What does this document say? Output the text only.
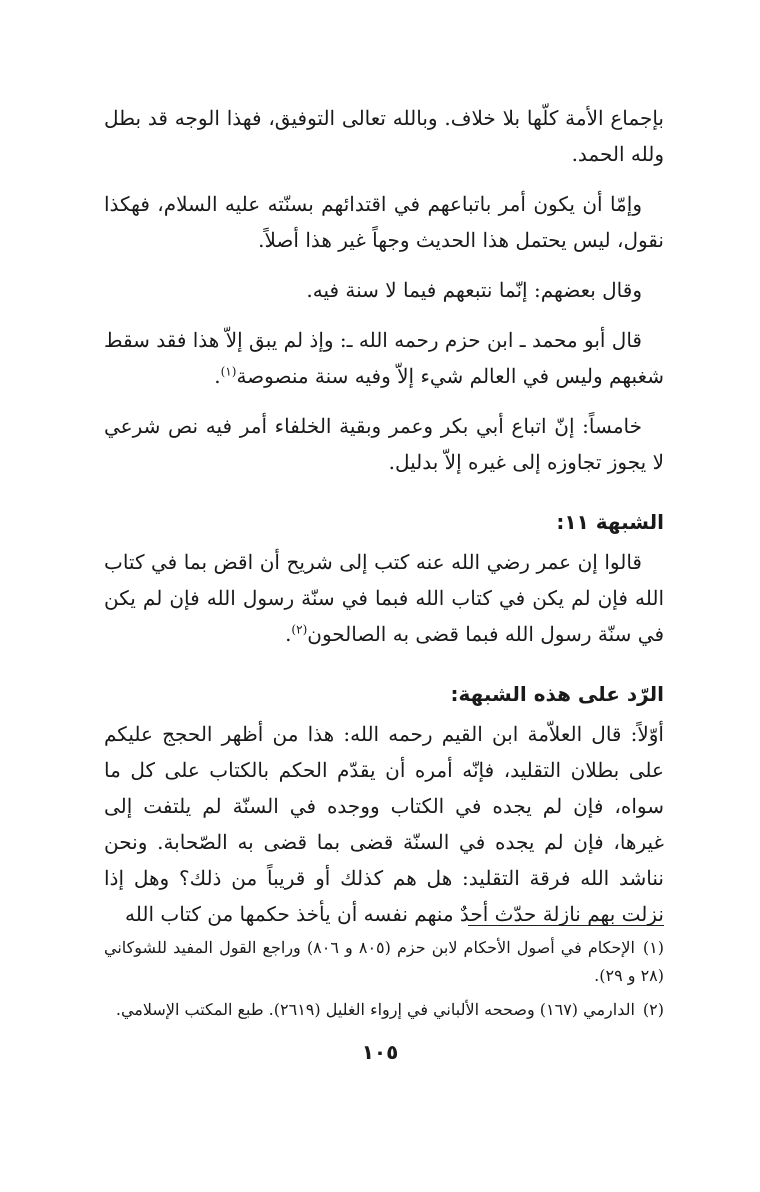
بإجماع الأمة كلّها بلا خلاف. وبالله تعالى التوفيق، فهذا الوجه قد بطل ولله الحمد.

وإمّا أن يكون أمر باتباعهم في اقتدائهم بسنّته عليه السلام، فهكذا نقول، ليس يحتمل هذا الحديث وجهاً غير هذا أصلاً.

وقال بعضهم: إنّما نتبعهم فيما لا سنة فيه.

قال أبو محمد ـ ابن حزم رحمه الله ـ: وإذ لم يبق إلاّ هذا فقد سقط شغبهم وليس في العالم شيء إلاّ وفيه سنة منصوصة$^{(١)}$.

خامساً: إنّ اتباع أبي بكر وعمر وبقية الخلفاء أمر فيه نص شرعي لا يجوز تجاوزه إلى غيره إلاّ بدليل.

الشبهة ١١:

قالوا إن عمر رضي الله عنه كتب إلى شريح أن اقض بما في كتاب الله فإن لم يكن في كتاب الله فبما في سنّة رسول الله فإن لم يكن في سنّة رسول الله فبما قضى به الصالحون$^{(٢)}$.

الرّد على هذه الشبهة:

أوّلاً: قال العلاّمة ابن القيم رحمه الله: هذا من أظهر الحجج عليكم على بطلان التقليد، فإنّه أمره أن يقدّم الحكم بالكتاب على كل ما سواه، فإن لم يجده في الكتاب ووجده في السنّة لم يلتفت إلى غيرها، فإن لم يجده في السنّة قضى بما قضى به الصّحابة. ونحن نناشد الله فرقة التقليد: هل هم كذلك أو قريباً من ذلك؟ وهل إذا نزلت بهم نازلة حدّث أحدٌ منهم نفسه أن يأخذ حكمها من كتاب الله

(١)الإحكام في أصول الأحكام لابن حزم (٨٠٥ و ٨٠٦) وراجع القول المفيد للشوكاني (٢٨ و ٢٩).

(٢)الدارمي (١٦٧) وصححه الألباني في إرواء الغليل (٢٦١٩). طبع المكتب الإسلامي.

١٠٥
